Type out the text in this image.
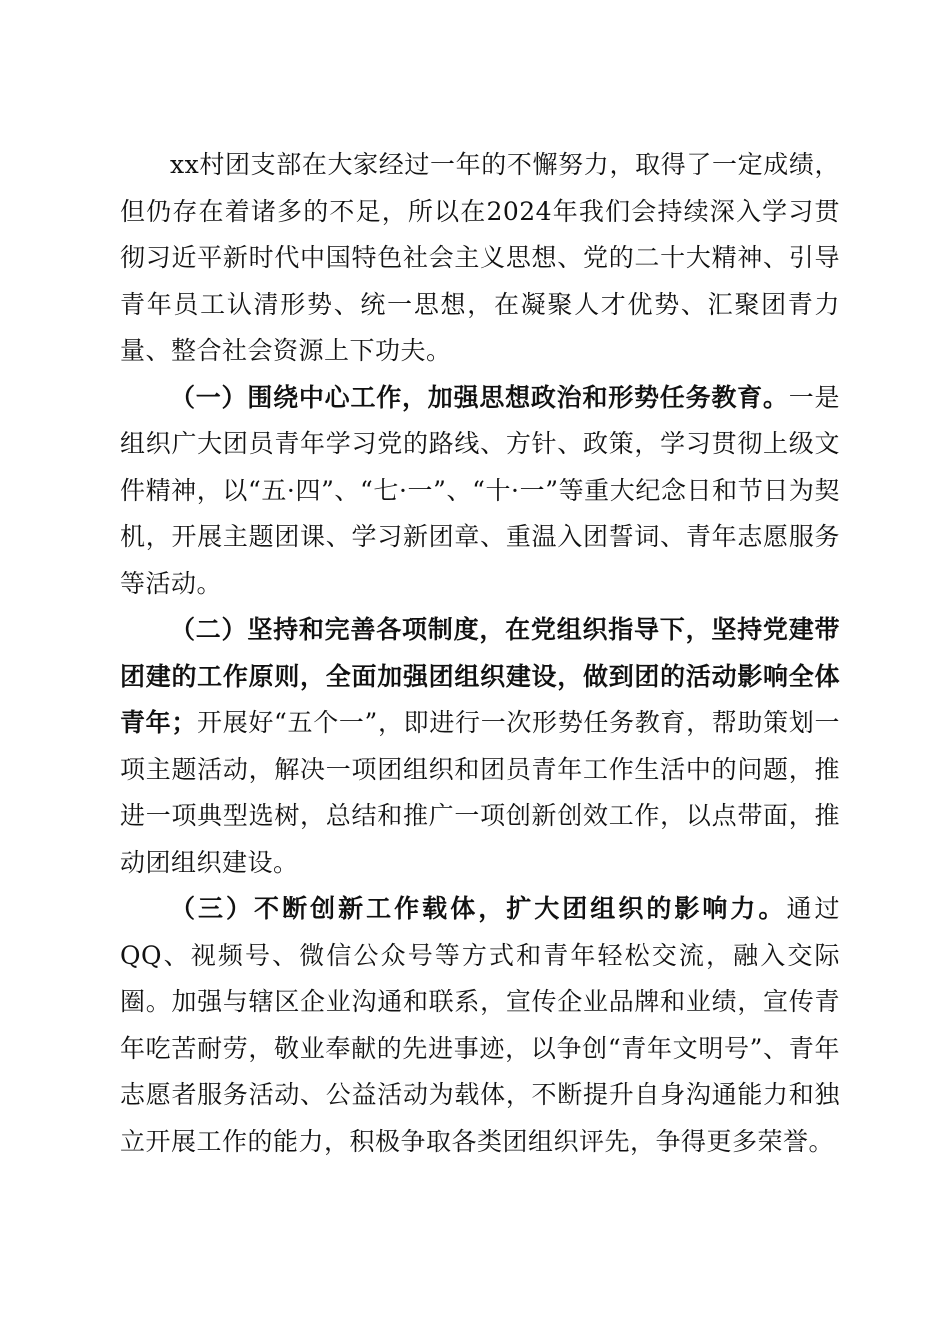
xx村团支部在大家经过一年的不懈努力，取得了一定成绩，但仍存在着诸多的不足，所以在2024年我们会持续深入学习贯彻习近平新时代中国特色社会主义思想、党的二十大精神、引导青年员工认清形势、统一思想，在凝聚人才优势、汇聚团青力量、整合社会资源上下功夫。

（一）围绕中心工作，加强思想政治和形势任务教育。一是组织广大团员青年学习党的路线、方针、政策，学习贯彻上级文件精神，以“五·四”、“七·一”、“十·一”等重大纪念日和节日为契机，开展主题团课、学习新团章、重温入团誓词、青年志愿服务等活动。

（二）坚持和完善各项制度，在党组织指导下，坚持党建带团建的工作原则，全面加强团组织建设，做到团的活动影响全体青年；开展好“五个一”，即进行一次形势任务教育，帮助策划一项主题活动，解决一项团组织和团员青年工作生活中的问题，推进一项典型选树，总结和推广一项创新创效工作，以点带面，推动团组织建设。

（三）不断创新工作载体，扩大团组织的影响力。通过QQ、视频号、微信公众号等方式和青年轻松交流，融入交际圈。加强与辖区企业沟通和联系，宣传企业品牌和业绩，宣传青年吃苦耐劳，敬业奉献的先进事迹，以争创“青年文明号”、青年志愿者服务活动、公益活动为载体，不断提升自身沟通能力和独立开展工作的能力，积极争取各类团组织评先，争得更多荣誉。
